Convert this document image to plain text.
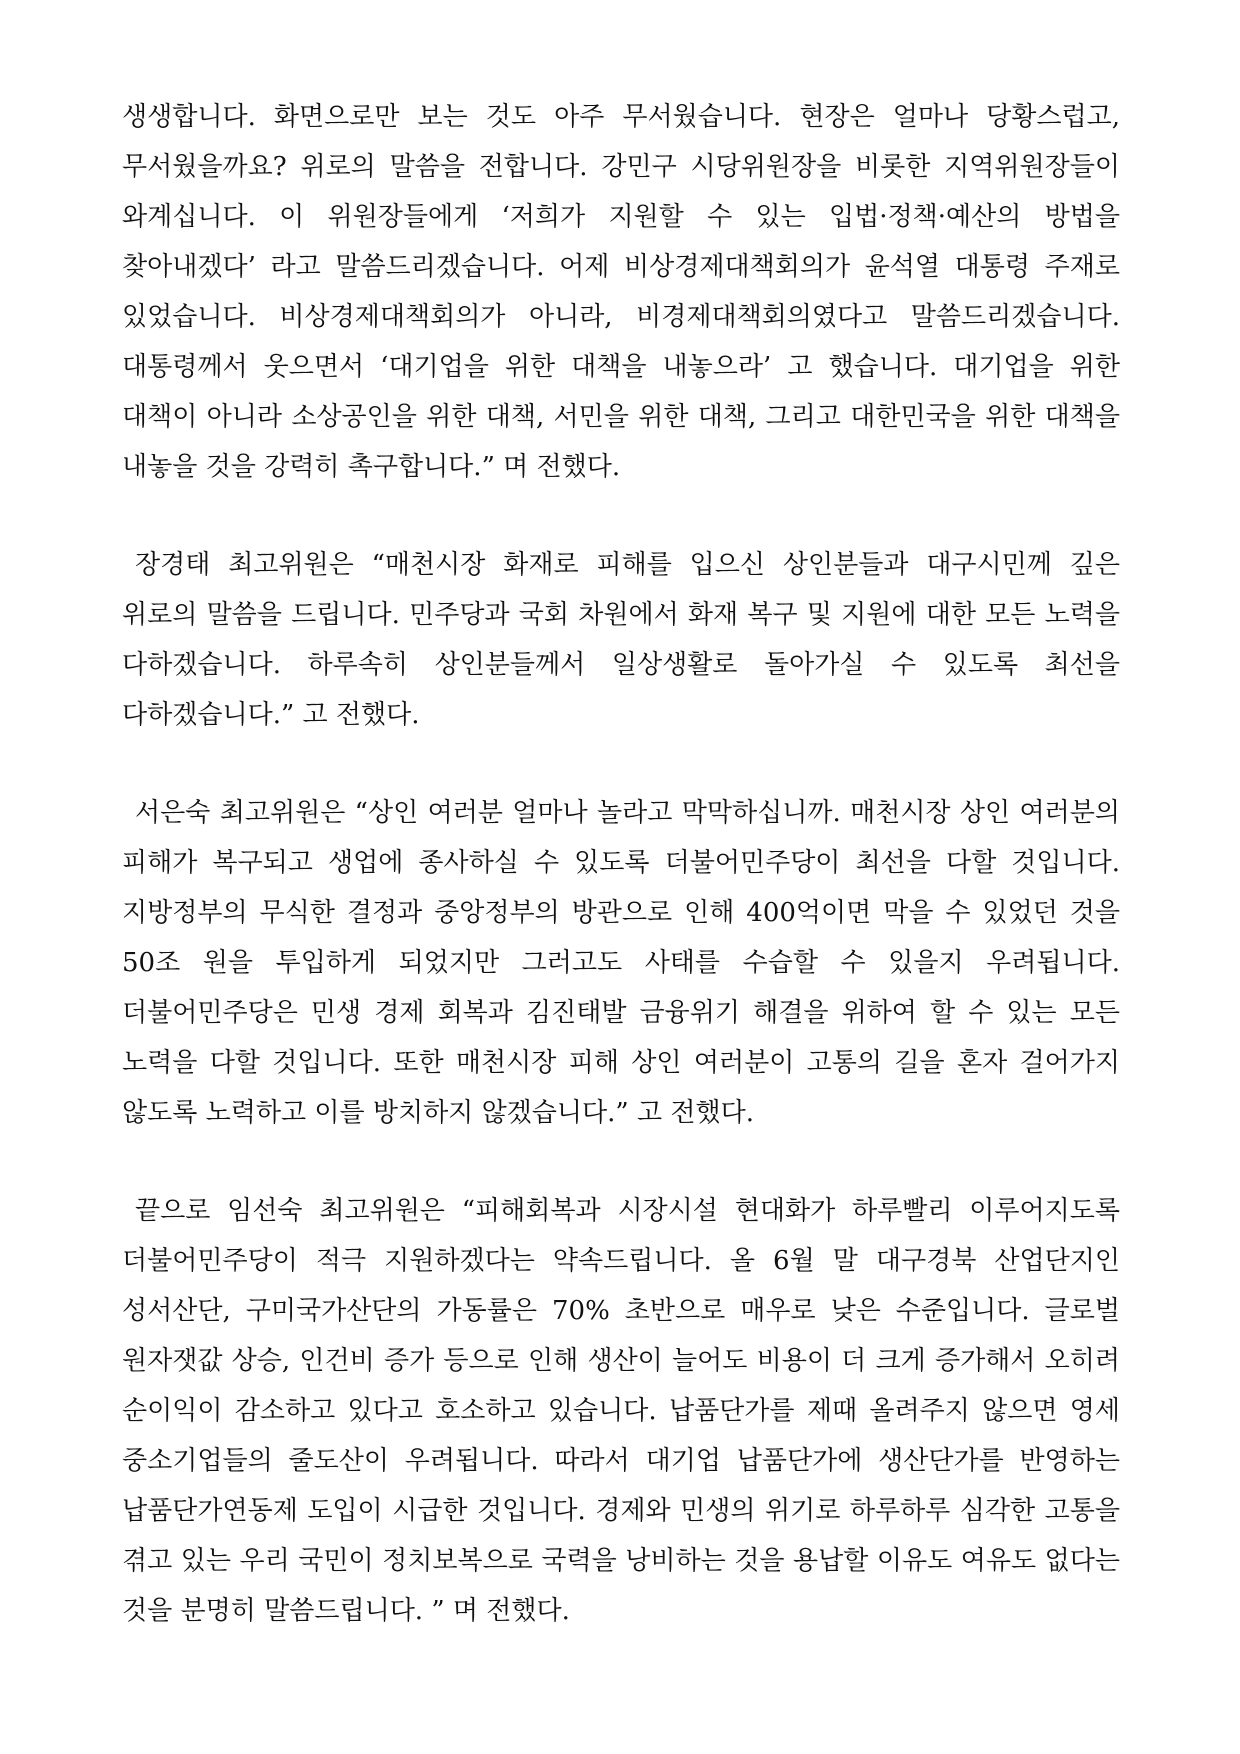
생생합니다. 화면으로만 보는 것도 아주 무서웠습니다. 현장은 얼마나 당황스럽고, 무서웠을까요? 위로의 말씀을 전합니다. 강민구 시당위원장을 비롯한 지역위원장들이 와계십니다. 이 위원장들에게 ‘저희가 지원할 수 있는 입법·정책·예산의 방법을 찾아내겠다’ 라고 말씀드리겠습니다. 어제 비상경제대책회의가 윤석열 대통령 주재로 있었습니다. 비상경제대책회의가 아니라, 비경제대책회의였다고 말씀드리겠습니다. 대통령께서 웃으면서 ‘대기업을 위한 대책을 내놓으라’ 고 했습니다. 대기업을 위한 대책이 아니라 소상공인을 위한 대책, 서민을 위한 대책, 그리고 대한민국을 위한 대책을 내놓을 것을 강력히 촉구합니다.” 며 전했다.

장경태 최고위원은 “매천시장 화재로 피해를 입으신 상인분들과 대구시민께 깊은 위로의 말씀을 드립니다. 민주당과 국회 차원에서 화재 복구 및 지원에 대한 모든 노력을 다하겠습니다. 하루속히 상인분들께서 일상생활로 돌아가실 수 있도록 최선을 다하겠습니다.” 고 전했다.

서은숙 최고위원은 “상인 여러분 얼마나 놀라고 막막하십니까. 매천시장 상인 여러분의 피해가 복구되고 생업에 종사하실 수 있도록 더불어민주당이 최선을 다할 것입니다. 지방정부의 무식한 결정과 중앙정부의 방관으로 인해 400억이면 막을 수 있었던 것을 50조 원을 투입하게 되었지만 그러고도 사태를 수습할 수 있을지 우려됩니다. 더불어민주당은 민생 경제 회복과 김진태발 금융위기 해결을 위하여 할 수 있는 모든 노력을 다할 것입니다. 또한 매천시장 피해 상인 여러분이 고통의 길을 혼자 걸어가지 않도록 노력하고 이를 방치하지 않겠습니다.” 고 전했다.

끝으로 임선숙 최고위원은 “피해회복과 시장시설 현대화가 하루빨리 이루어지도록 더불어민주당이 적극 지원하겠다는 약속드립니다. 올 6월 말 대구경북 산업단지인 성서산단, 구미국가산단의 가동률은 70% 초반으로 매우로 낮은 수준입니다. 글로벌 원자잿값 상승, 인건비 증가 등으로 인해 생산이 늘어도 비용이 더 크게 증가해서 오히려 순이익이 감소하고 있다고 호소하고 있습니다. 납품단가를 제때 올려주지 않으면 영세 중소기업들의 줄도산이 우려됩니다. 따라서 대기업 납품단가에 생산단가를 반영하는 납품단가연동제 도입이 시급한 것입니다. 경제와 민생의 위기로 하루하루 심각한 고통을 겪고 있는 우리 국민이 정치보복으로 국력을 낭비하는 것을 용납할 이유도 여유도 없다는 것을 분명히 말씀드립니다. ” 며 전했다.
